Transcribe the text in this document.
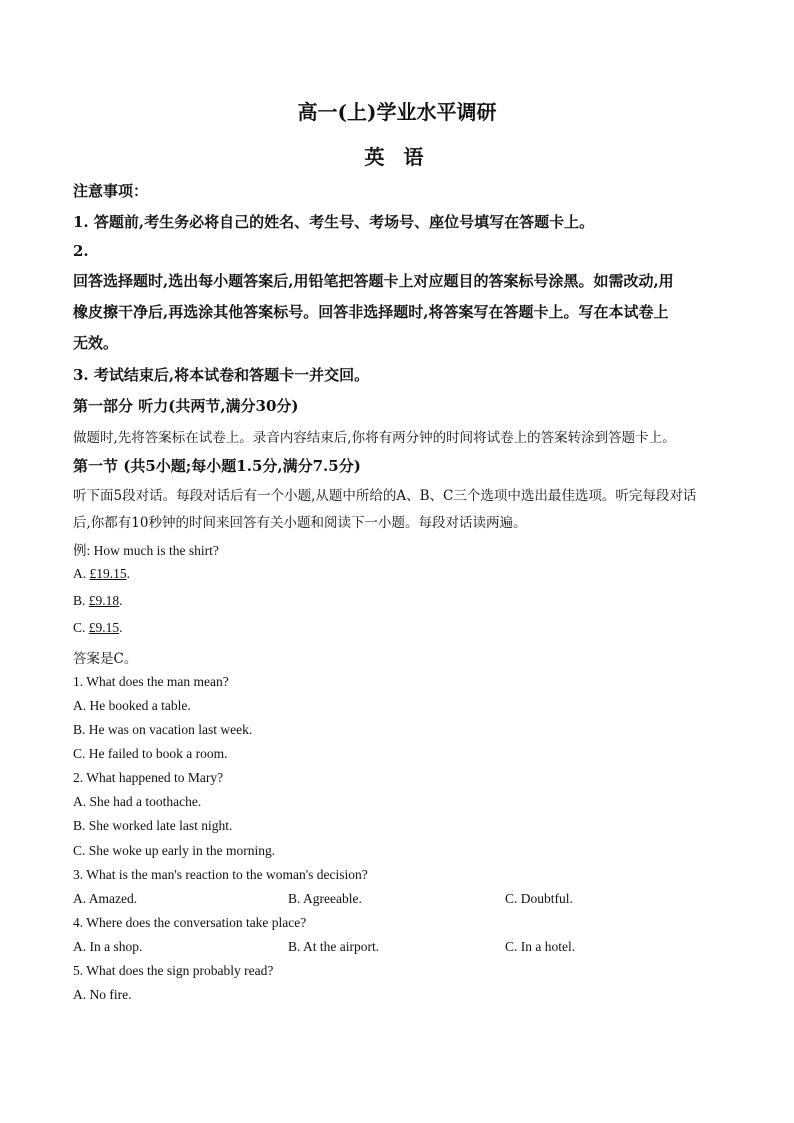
高一(上)学业水平调研
英 语
注意事项：
1. 答题前,考生务必将自己的姓名、考生号、考场号、座位号填写在答题卡上。
2.
回答选择题时,选出每小题答案后,用铅笔把答题卡上对应题目的答案标号涂黑。如需改动,用
橡皮擦干净后,再选涂其他答案标号。回答非选择题时,将答案写在答题卡上。写在本试卷上
无效。
3. 考试结束后,将本试卷和答题卡一并交回。
第一部分 听力(共两节,满分30分)
做题时,先将答案标在试卷上。录音内容结束后,你将有两分钟的时间将试卷上的答案转涂到答题卡上。
第一节 (共5小题;每小题1.5分,满分7.5分)
听下面5段对话。每段对话后有一个小题,从题中所给的A、B、C三个选项中选出最佳选项。听完每段对话
后,你都有10秒钟的时间来回答有关小题和阅读下一小题。每段对话读两遍。
例: How much is the shirt?
A. £19.15.
B. £9.18.
C. £9.15.
答案是C。
1. What does the man mean?
A. He booked a table.
B. He was on vacation last week.
C. He failed to book a room.
2. What happened to Mary?
A. She had a toothache.
B. She worked late last night.
C. She woke up early in the morning.
3. What is the man's reaction to the woman's decision?
A. Amazed.	B. Agreeable.	C. Doubtful.
4. Where does the conversation take place?
A. In a shop.	B. At the airport.	C. In a hotel.
5. What does the sign probably read?
A. No fire.
